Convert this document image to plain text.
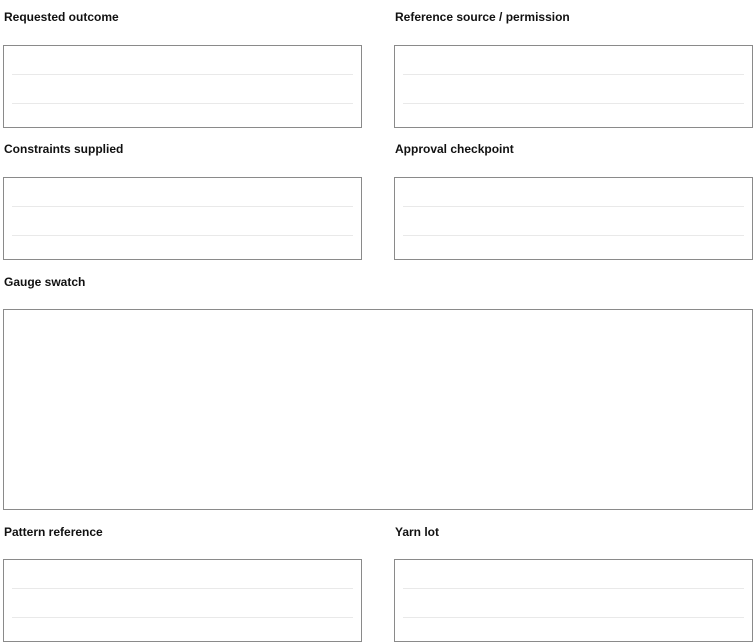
Requested outcome	Reference source / permission
Constraints supplied	Approval checkpoint
Gauge swatch
Pattern reference	Yarn lot
